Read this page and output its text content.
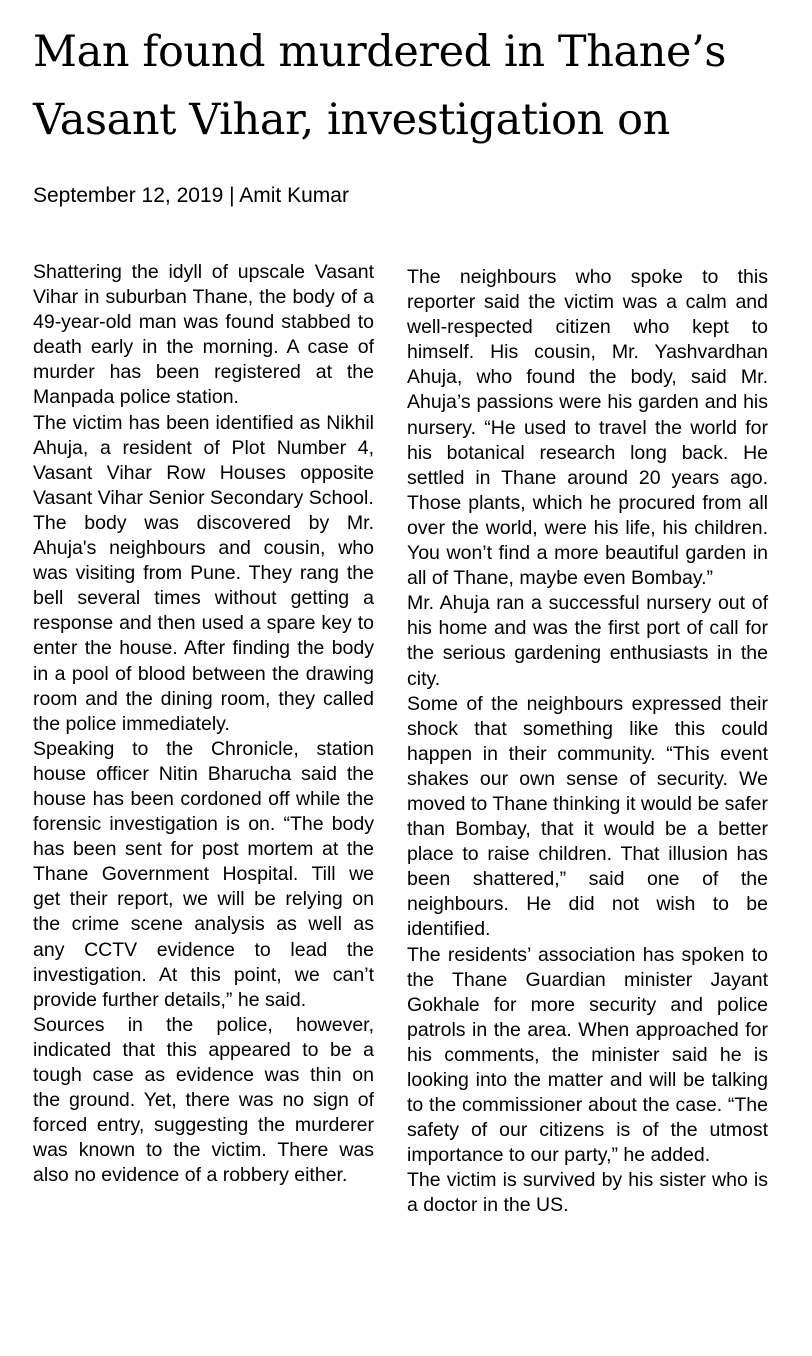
Man found murdered in Thane’s Vasant Vihar, investigation on
September 12, 2019 | Amit Kumar

Shattering the idyll of upscale Vasant Vihar in suburban Thane, the body of a 49-year-old man was found stabbed to death early in the morning. A case of murder has been registered at the Manpada police station.

The victim has been identified as Nikhil Ahuja, a resident of Plot Number 4, Vasant Vihar Row Houses opposite Vasant Vihar Senior Secondary School.

The body was discovered by Mr. Ahuja's neighbours and cousin, who was visiting from Pune. They rang the bell several times without getting a response and then used a spare key to enter the house. After finding the body in a pool of blood between the drawing room and the dining room, they called the police immediately.

Speaking to the Chronicle, station house officer Nitin Bharucha said the house has been cordoned off while the forensic investigation is on. “The body has been sent for post mortem at the Thane Government Hospital. Till we get their report, we will be relying on the crime scene analysis as well as any CCTV evidence to lead the investigation. At this point, we can’t provide further details,” he said.

Sources in the police, however, indicated that this appeared to be a tough case as evidence was thin on the ground. Yet, there was no sign of forced entry, suggesting the murderer was known to the victim. There was also no evidence of a robbery either.

The neighbours who spoke to this reporter said the victim was a calm and well-respected citizen who kept to himself. His cousin, Mr. Yashvardhan Ahuja, who found the body, said Mr. Ahuja’s passions were his garden and his nursery. “He used to travel the world for his botanical research long back. He settled in Thane around 20 years ago. Those plants, which he procured from all over the world, were his life, his children. You won’t find a more beautiful garden in all of Thane, maybe even Bombay.”

Mr. Ahuja ran a successful nursery out of his home and was the first port of call for the serious gardening enthusiasts in the city.

Some of the neighbours expressed their shock that something like this could happen in their community. “This event shakes our own sense of security. We moved to Thane thinking it would be safer than Bombay, that it would be a better place to raise children. That illusion has been shattered,” said one of the neighbours. He did not wish to be identified.

The residents’ association has spoken to the Thane Guardian minister Jayant Gokhale for more security and police patrols in the area. When approached for his comments, the minister said he is looking into the matter and will be talking to the commissioner about the case. “The safety of our citizens is of the utmost importance to our party,” he added.

The victim is survived by his sister who is a doctor in the US.
